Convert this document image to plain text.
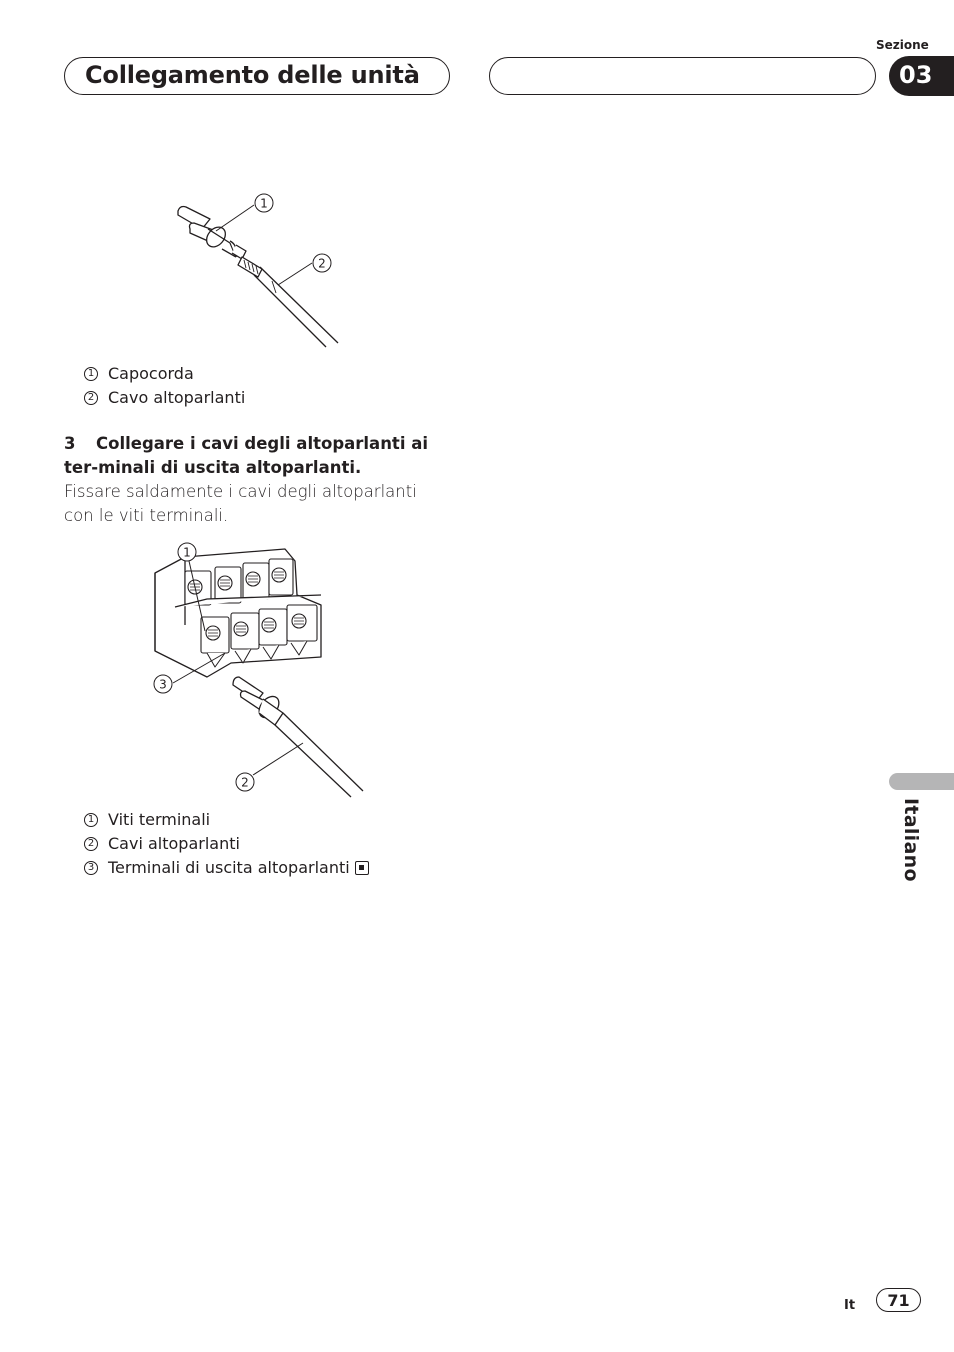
Sezione
Collegamento delle unità	03
Italiano
1
2
1 Capocorda
2 Cavo altoparlanti
3 Collegare i cavi degli altoparlanti ai ter-minali di uscita altoparlanti.
Fissare saldamente i cavi degli altoparlanti con le viti terminali.
1
3
2
1 Viti terminali
2 Cavi altoparlanti
3 Terminali di uscita altoparlanti
It	71
